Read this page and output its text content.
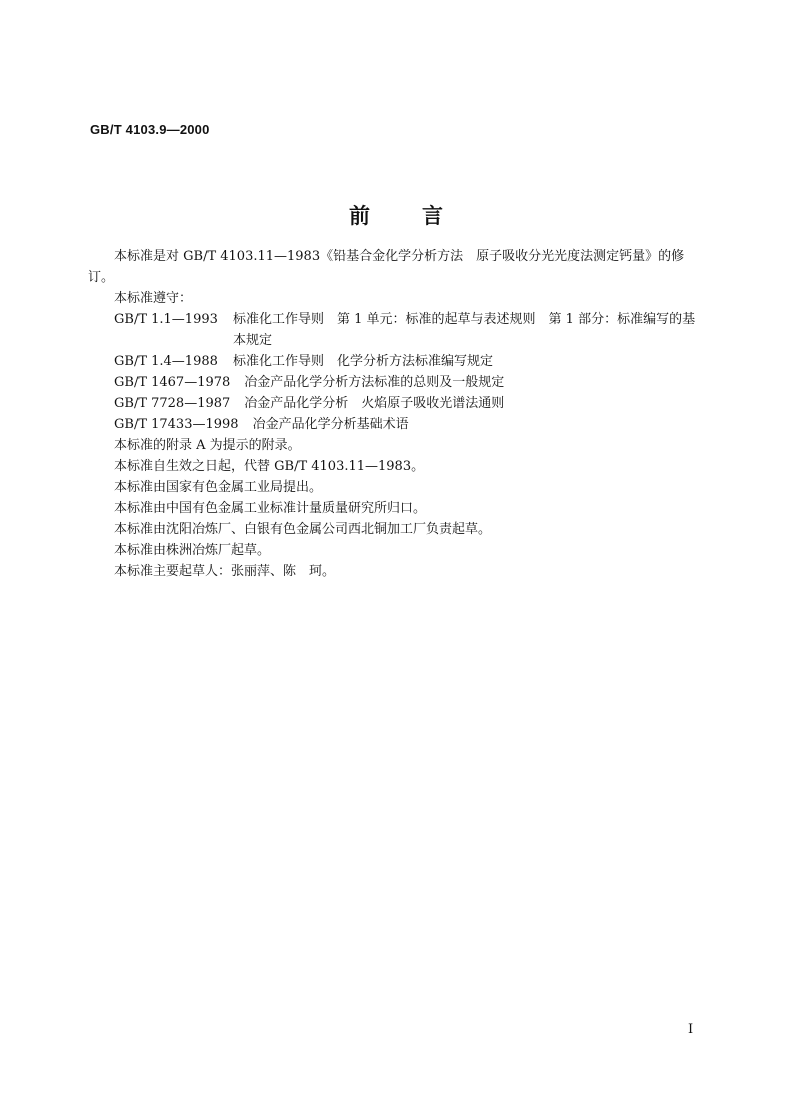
GB/T 4103.9—2000
前言

本标准是对 GB/T 4103.11—1983《铅基合金化学分析方法　原子吸收分光光度法测定钙量》的修订。

本标准遵守：

GB/T 1.1—1993	标准化工作导则　第 1 单元：标准的起草与表述规则　第 1 部分：标准编写的基本规定
GB/T 1.4—1988	标准化工作导则　化学分析方法标准编写规定
GB/T 1467—1978 冶金产品化学分析方法标准的总则及一般规定
GB/T 7728—1987 冶金产品化学分析　火焰原子吸收光谱法通则
GB/T 17433—1998 冶金产品化学分析基础术语

本标准的附录 A 为提示的附录。

本标准自生效之日起，代替 GB/T 4103.11—1983。

本标准由国家有色金属工业局提出。

本标准由中国有色金属工业标准计量质量研究所归口。

本标准由沈阳冶炼厂、白银有色金属公司西北铜加工厂负责起草。

本标准由株洲冶炼厂起草。

本标准主要起草人：张丽萍、陈　珂。

I
